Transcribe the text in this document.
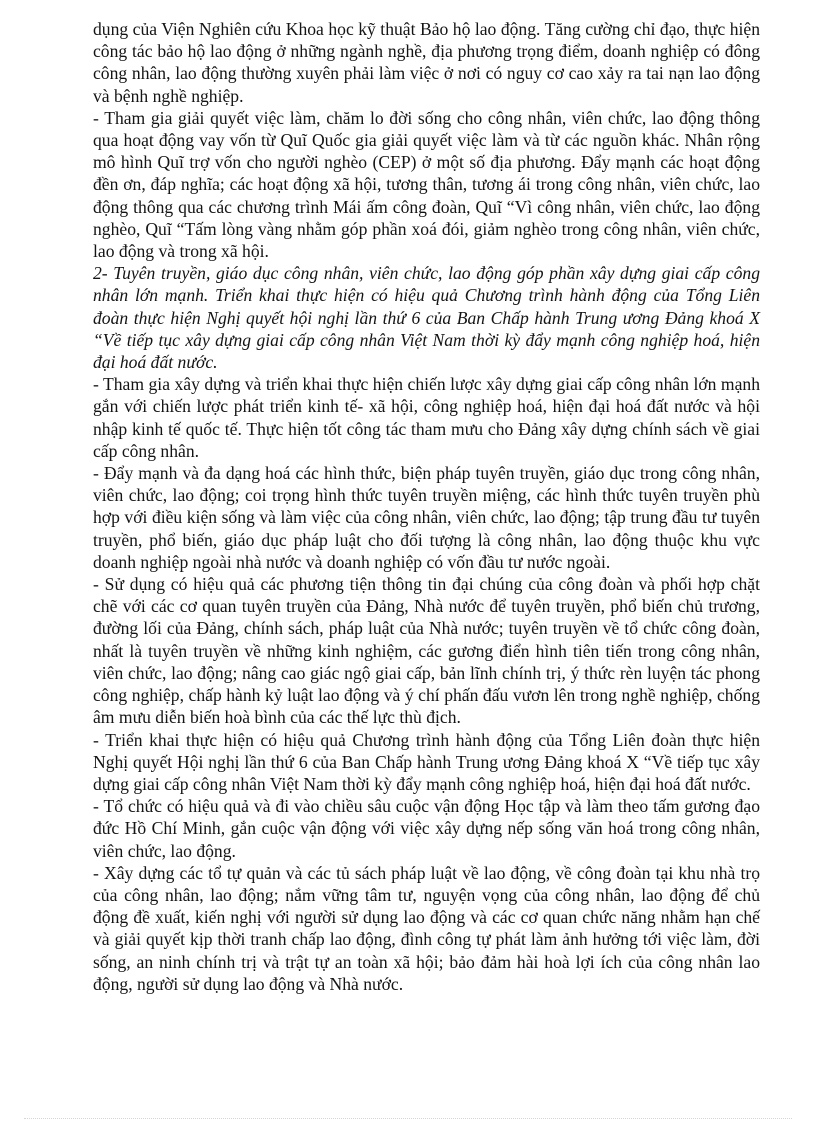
dụng của Viện Nghiên cứu Khoa học kỹ thuật Bảo hộ lao động. Tăng cường chỉ đạo, thực hiện công tác bảo hộ lao động ở những ngành nghề, địa phương trọng điểm, doanh nghiệp có đông công nhân, lao động thường xuyên phải làm việc ở nơi có nguy cơ cao xảy ra tai nạn lao động và bệnh nghề nghiệp.

- Tham gia giải quyết việc làm, chăm lo đời sống cho công nhân, viên chức, lao động thông qua hoạt động vay vốn từ Quĩ Quốc gia giải quyết việc làm và từ các nguồn khác. Nhân rộng mô hình Quĩ trợ vốn cho người nghèo (CEP) ở một số địa phương. Đẩy mạnh các hoạt động đền ơn, đáp nghĩa; các hoạt động xã hội, tương thân, tương ái trong công nhân, viên chức, lao động thông qua các chương trình Mái ấm công đoàn, Quĩ “Vì công nhân, viên chức, lao động nghèo, Quĩ “Tấm lòng vàng nhằm góp phần xoá đói, giảm nghèo trong công nhân, viên chức, lao động và trong xã hội.

2- Tuyên truyền, giáo dục công nhân, viên chức, lao động góp phần xây dựng giai cấp công nhân lớn mạnh. Triển khai thực hiện có hiệu quả Chương trình hành động của Tổng Liên đoàn thực hiện Nghị quyết hội nghị lần thứ 6 của Ban Chấp hành Trung ương Đảng khoá X “Về tiếp tục xây dựng giai cấp công nhân Việt Nam thời kỳ đẩy mạnh công nghiệp hoá, hiện đại hoá đất nước.

- Tham gia xây dựng và triển khai thực hiện chiến lược xây dựng giai cấp công nhân lớn mạnh gắn với chiến lược phát triển kinh tế- xã hội, công nghiệp hoá, hiện đại hoá đất nước và hội nhập kinh tế quốc tế. Thực hiện tốt công tác tham mưu cho Đảng xây dựng chính sách về giai cấp công nhân.

- Đẩy mạnh và đa dạng hoá các hình thức, biện pháp tuyên truyền, giáo dục trong công nhân, viên chức, lao động; coi trọng hình thức tuyên truyền miệng, các hình thức tuyên truyền phù hợp với điều kiện sống và làm việc của công nhân, viên chức, lao động; tập trung đầu tư tuyên truyền, phổ biến, giáo dục pháp luật cho đối tượng là công nhân, lao động thuộc khu vực doanh nghiệp ngoài nhà nước và doanh nghiệp có vốn đầu tư nước ngoài.

- Sử dụng có hiệu quả các phương tiện thông tin đại chúng của công đoàn và phối hợp chặt chẽ với các cơ quan tuyên truyền của Đảng, Nhà nước để tuyên truyền, phổ biến chủ trương, đường lối của Đảng, chính sách, pháp luật của Nhà nước; tuyên truyền về tổ chức công đoàn, nhất là tuyên truyền về những kinh nghiệm, các gương điển hình tiên tiến trong công nhân, viên chức, lao động; nâng cao giác ngộ giai cấp, bản lĩnh chính trị, ý thức rèn luyện tác phong công nghiệp, chấp hành kỷ luật lao động và ý chí phấn đấu vươn lên trong nghề nghiệp, chống âm mưu diễn biến hoà bình của các thế lực thù địch.

- Triển khai thực hiện có hiệu quả Chương trình hành động của Tổng Liên đoàn thực hiện Nghị quyết Hội nghị lần thứ 6 của Ban Chấp hành Trung ương Đảng khoá X “Về tiếp tục xây dựng giai cấp công nhân Việt Nam thời kỳ đẩy mạnh công nghiệp hoá, hiện đại hoá đất nước.

- Tổ chức có hiệu quả và đi vào chiều sâu cuộc vận động Học tập và làm theo tấm gương đạo đức Hồ Chí Minh, gắn cuộc vận động với việc xây dựng nếp sống văn hoá trong công nhân, viên chức, lao động.

- Xây dựng các tổ tự quản và các tủ sách pháp luật về lao động, về công đoàn tại khu nhà trọ của công nhân, lao động; nắm vững tâm tư, nguyện vọng của công nhân, lao động để chủ động đề xuất, kiến nghị với người sử dụng lao động và các cơ quan chức năng nhằm hạn chế và giải quyết kịp thời tranh chấp lao động, đình công tự phát làm ảnh hưởng tới việc làm, đời sống, an ninh chính trị và trật tự an toàn xã hội; bảo đảm hài hoà lợi ích của công nhân lao động, người sử dụng lao động và Nhà nước.
